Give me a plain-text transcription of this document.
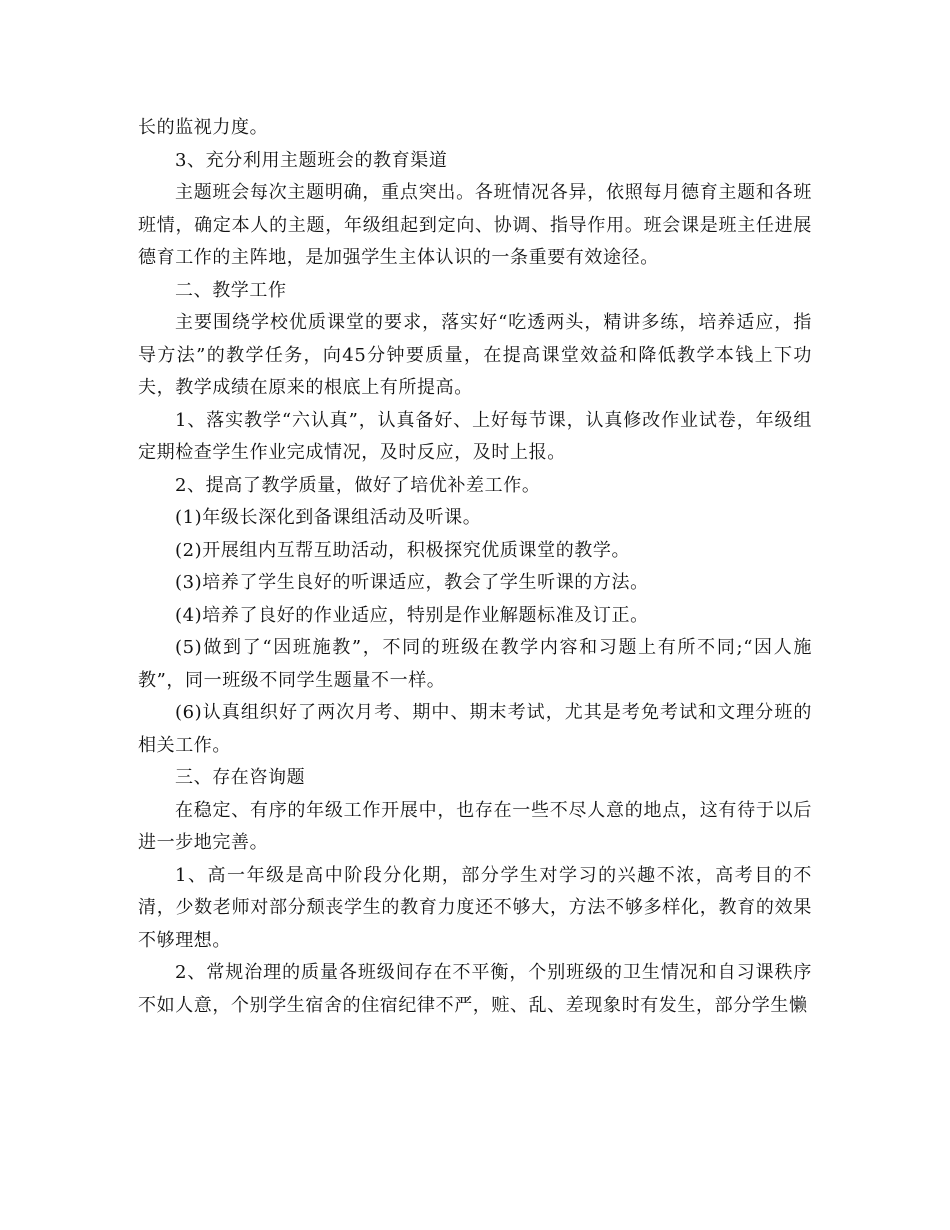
长的监视力度。

3、充分利用主题班会的教育渠道

主题班会每次主题明确，重点突出。各班情况各异，依照每月德育主题和各班班情，确定本人的主题，年级组起到定向、协调、指导作用。班会课是班主任进展德育工作的主阵地，是加强学生主体认识的一条重要有效途径。

二、教学工作

主要围绕学校优质课堂的要求，落实好“吃透两头，精讲多练，培养适应，指导方法”的教学任务，向45分钟要质量，在提高课堂效益和降低教学本钱上下功夫，教学成绩在原来的根底上有所提高。

1、落实教学“六认真”，认真备好、上好每节课，认真修改作业试卷，年级组定期检查学生作业完成情况，及时反应，及时上报。

2、提高了教学质量，做好了培优补差工作。

(1)年级长深化到备课组活动及听课。

(2)开展组内互帮互助活动，积极探究优质课堂的教学。

(3)培养了学生良好的听课适应，教会了学生听课的方法。

(4)培养了良好的作业适应，特别是作业解题标准及订正。

(5)做到了“因班施教”，不同的班级在教学内容和习题上有所不同;“因人施教”，同一班级不同学生题量不一样。

(6)认真组织好了两次月考、期中、期末考试，尤其是考免考试和文理分班的相关工作。

三、存在咨询题

在稳定、有序的年级工作开展中，也存在一些不尽人意的地点，这有待于以后进一步地完善。

1、高一年级是高中阶段分化期，部分学生对学习的兴趣不浓，高考目的不清，少数老师对部分颓丧学生的教育力度还不够大，方法不够多样化，教育的效果不够理想。

2、常规治理的质量各班级间存在不平衡，个别班级的卫生情况和自习课秩序不如人意，个别学生宿舍的住宿纪律不严，赃、乱、差现象时有发生，部分学生懒
